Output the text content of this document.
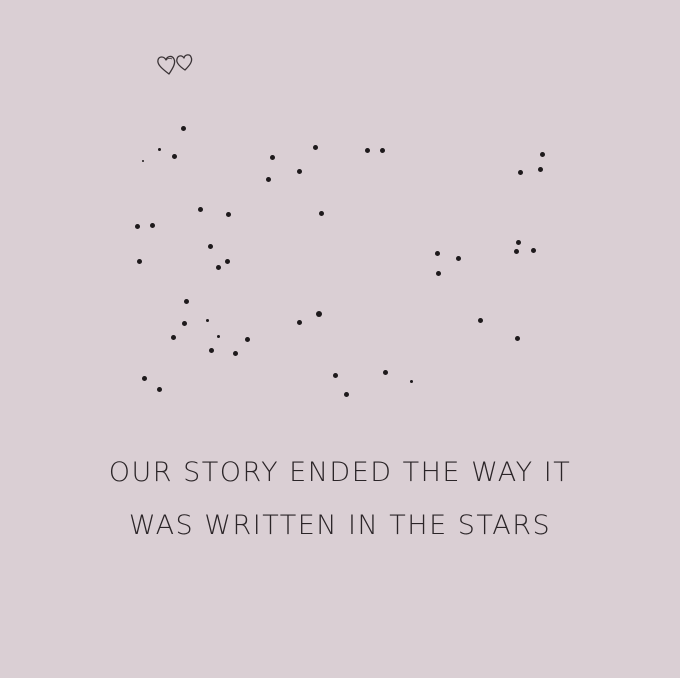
OUR STORY ENDED THE WAY IT
WAS WRITTEN IN THE STARS
